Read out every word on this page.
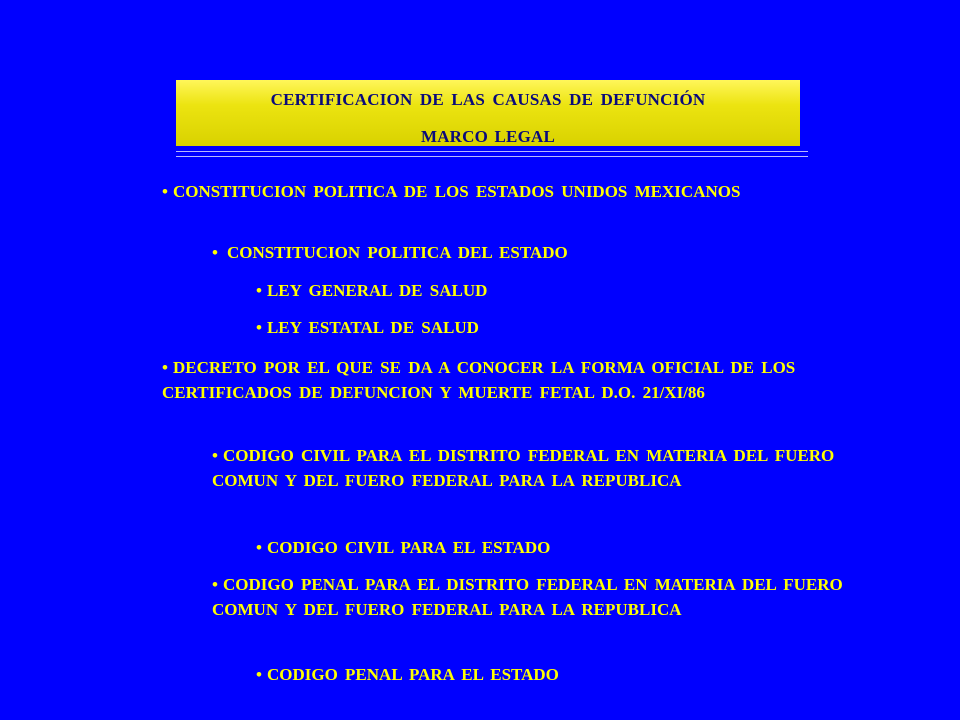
CERTIFICACION DE LAS CAUSAS DE DEFUNCIÓN
MARCO LEGAL
• CONSTITUCION POLITICA DE LOS ESTADOS UNIDOS MEXICANOS
• CONSTITUCION POLITICA DEL ESTADO
• LEY GENERAL DE SALUD
• LEY ESTATAL DE SALUD
• DECRETO POR EL QUE SE DA A CONOCER LA FORMA OFICIAL DE LOS CERTIFICADOS DE DEFUNCION Y MUERTE FETAL D.O. 21/XI/86
• CODIGO CIVIL PARA EL DISTRITO FEDERAL EN MATERIA DEL FUERO COMUN Y DEL FUERO FEDERAL PARA LA REPUBLICA
• CODIGO CIVIL PARA EL ESTADO
• CODIGO PENAL PARA EL DISTRITO FEDERAL EN MATERIA DEL FUERO COMUN Y DEL FUERO FEDERAL PARA LA REPUBLICA
• CODIGO PENAL PARA EL ESTADO
